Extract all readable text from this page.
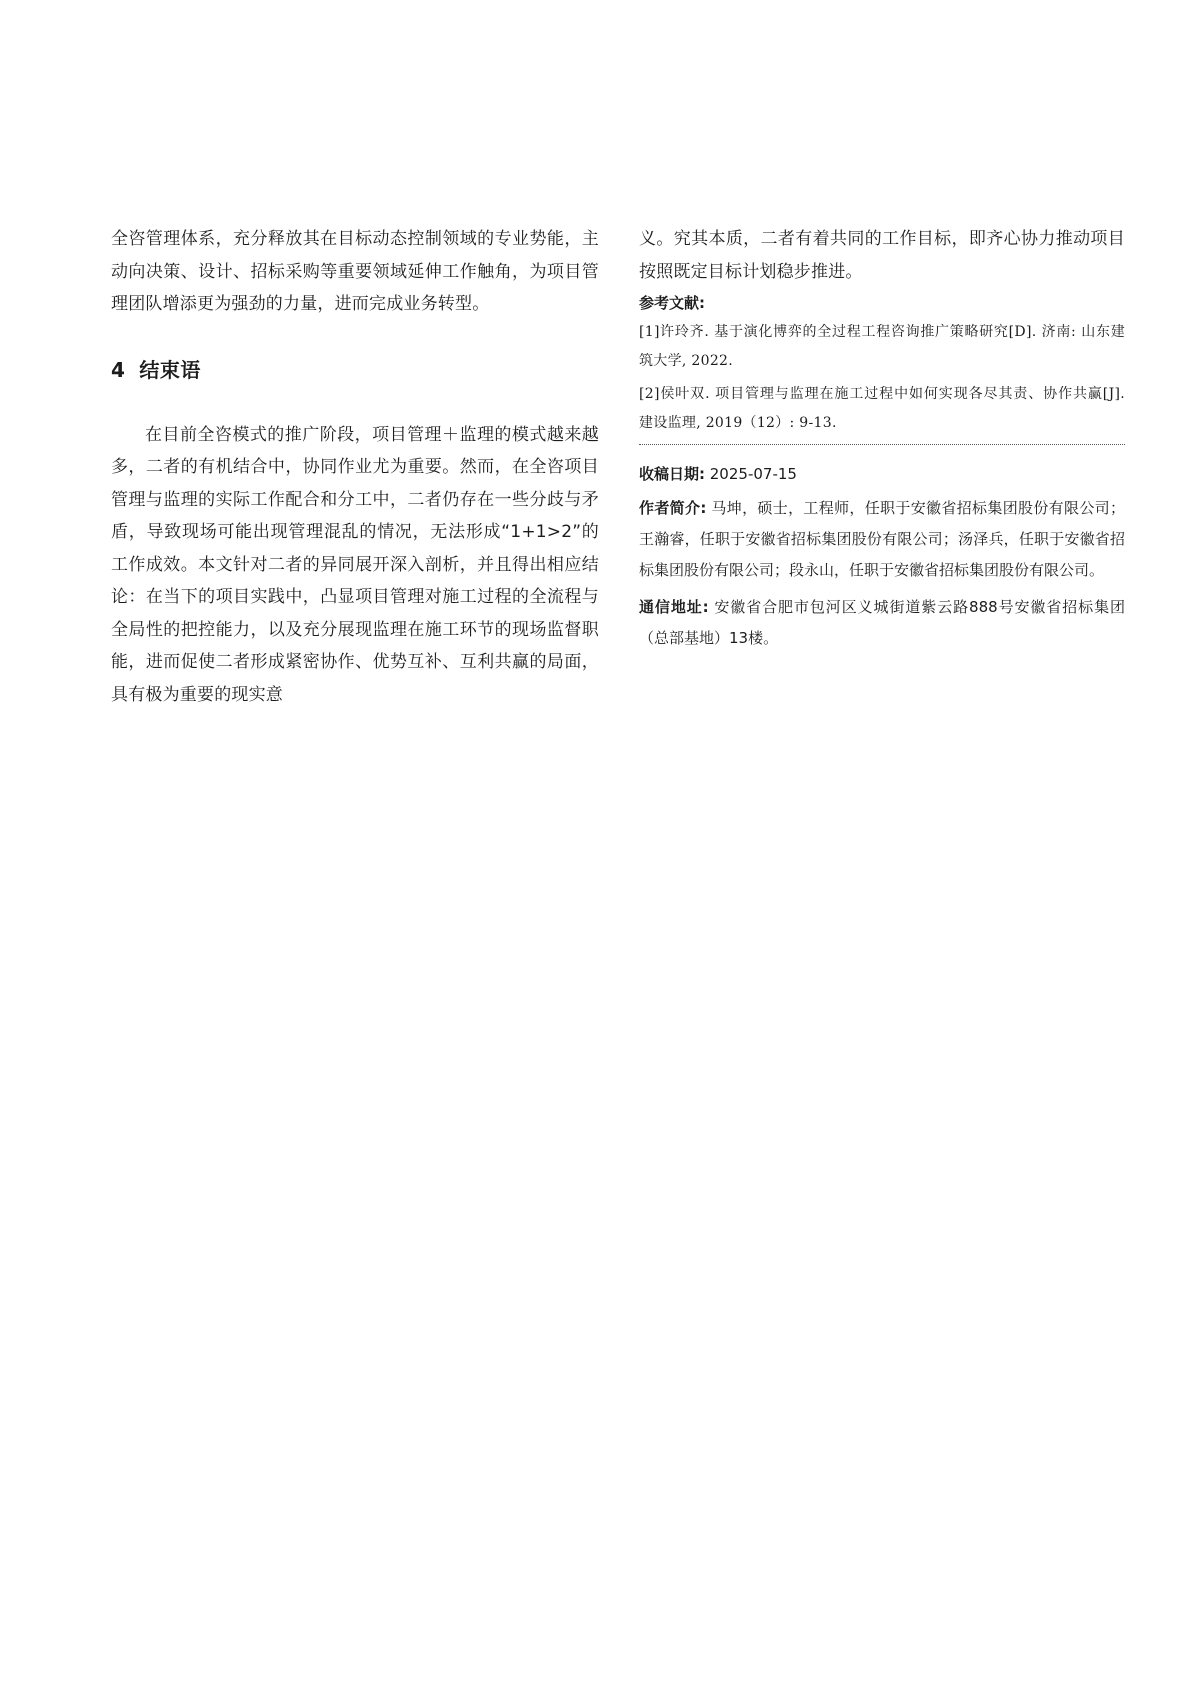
全咨管理体系，充分释放其在目标动态控制领域的专业势能，主动向决策、设计、招标采购等重要领域延伸工作触角，为项目管理团队增添更为强劲的力量，进而完成业务转型。

4 结束语

在目前全咨模式的推广阶段，项目管理＋监理的模式越来越多，二者的有机结合中，协同作业尤为重要。然而，在全咨项目管理与监理的实际工作配合和分工中，二者仍存在一些分歧与矛盾，导致现场可能出现管理混乱的情况，无法形成“1+1>2”的工作成效。本文针对二者的异同展开深入剖析，并且得出相应结论：在当下的项目实践中，凸显项目管理对施工过程的全流程与全局性的把控能力，以及充分展现监理在施工环节的现场监督职能，进而促使二者形成紧密协作、优势互补、互利共赢的局面，具有极为重要的现实意

义。究其本质，二者有着共同的工作目标，即齐心协力推动项目按照既定目标计划稳步推进。

参考文献:

[1]许玲齐. 基于演化博弈的全过程工程咨询推广策略研究[D]. 济南: 山东建筑大学, 2022.
[2]侯叶双. 项目管理与监理在施工过程中如何实现各尽其责、协作共赢[J]. 建设监理, 2019（12）: 9-13.

收稿日期: 2025-07-15

作者简介: 马坤，硕士，工程师，任职于安徽省招标集团股份有限公司；王瀚睿，任职于安徽省招标集团股份有限公司；汤泽兵，任职于安徽省招标集团股份有限公司；段永山，任职于安徽省招标集团股份有限公司。

通信地址: 安徽省合肥市包河区义城街道紫云路888号安徽省招标集团（总部基地）13楼。
